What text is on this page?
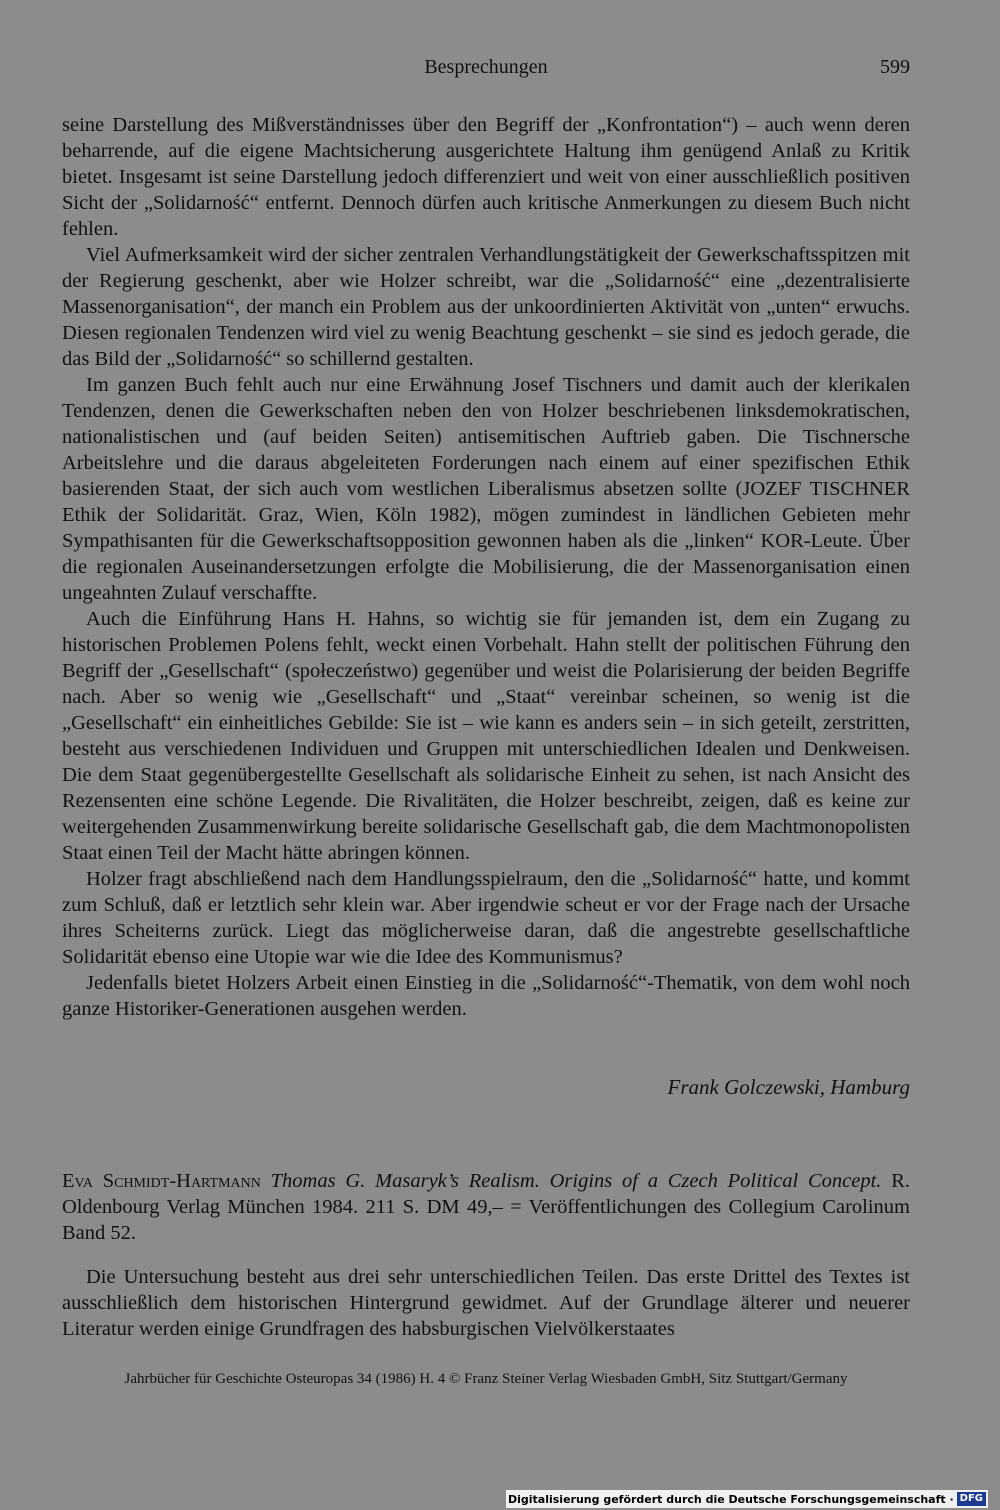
Besprechungen	599

seine Darstellung des Mißverständnisses über den Begriff der „Konfrontation“) – auch wenn deren beharrende, auf die eigene Machtsicherung ausgerichtete Haltung ihm genügend Anlaß zu Kritik bietet. Insgesamt ist seine Darstellung jedoch differenziert und weit von einer ausschließlich positiven Sicht der „Solidarność“ entfernt. Dennoch dürfen auch kritische Anmerkungen zu diesem Buch nicht fehlen.

Viel Aufmerksamkeit wird der sicher zentralen Verhandlungstätigkeit der Gewerkschaftsspitzen mit der Regierung geschenkt, aber wie Holzer schreibt, war die „Solidarność“ eine „dezentralisierte Massenorganisation“, der manch ein Problem aus der unkoordinierten Aktivität von „unten“ erwuchs. Diesen regionalen Tendenzen wird viel zu wenig Beachtung geschenkt – sie sind es jedoch gerade, die das Bild der „Solidarność“ so schillernd gestalten.

Im ganzen Buch fehlt auch nur eine Erwähnung Josef Tischners und damit auch der klerikalen Tendenzen, denen die Gewerkschaften neben den von Holzer beschriebenen linksdemokratischen, nationalistischen und (auf beiden Seiten) antisemitischen Auftrieb gaben. Die Tischnersche Arbeitslehre und die daraus abgeleiteten Forderungen nach einem auf einer spezifischen Ethik basierenden Staat, der sich auch vom westlichen Liberalismus absetzen sollte (JOZEF TISCHNER Ethik der Solidarität. Graz, Wien, Köln 1982), mögen zumindest in ländlichen Gebieten mehr Sympathisanten für die Gewerkschaftsopposition gewonnen haben als die „linken“ KOR-Leute. Über die regionalen Auseinandersetzungen erfolgte die Mobilisierung, die der Massenorganisation einen ungeahnten Zulauf verschaffte.

Auch die Einführung Hans H. Hahns, so wichtig sie für jemanden ist, dem ein Zugang zu historischen Problemen Polens fehlt, weckt einen Vorbehalt. Hahn stellt der politischen Führung den Begriff der „Gesellschaft“ (społeczeństwo) gegenüber und weist die Polarisierung der beiden Begriffe nach. Aber so wenig wie „Gesellschaft“ und „Staat“ vereinbar scheinen, so wenig ist die „Gesellschaft“ ein einheitliches Gebilde: Sie ist – wie kann es anders sein – in sich geteilt, zerstritten, besteht aus verschiedenen Individuen und Gruppen mit unterschiedlichen Idealen und Denkweisen. Die dem Staat gegenübergestellte Gesellschaft als solidarische Einheit zu sehen, ist nach Ansicht des Rezensenten eine schöne Legende. Die Rivalitäten, die Holzer beschreibt, zeigen, daß es keine zur weitergehenden Zusammenwirkung bereite solidarische Gesellschaft gab, die dem Machtmonopolisten Staat einen Teil der Macht hätte abringen können.

Holzer fragt abschließend nach dem Handlungsspielraum, den die „Solidarność“ hatte, und kommt zum Schluß, daß er letztlich sehr klein war. Aber irgendwie scheut er vor der Frage nach der Ursache ihres Scheiterns zurück. Liegt das möglicherweise daran, daß die angestrebte gesellschaftliche Solidarität ebenso eine Utopie war wie die Idee des Kommunismus?

Jedenfalls bietet Holzers Arbeit einen Einstieg in die „Solidarność“-Thematik, von dem wohl noch ganze Historiker-Generationen ausgehen werden.

Frank Golczewski, Hamburg
Eva Schmidt-Hartmann Thomas G. Masaryk’s Realism. Origins of a Czech Political Concept. R. Oldenbourg Verlag München 1984. 211 S. DM 49,– = Veröffentlichungen des Collegium Carolinum Band 52.

Die Untersuchung besteht aus drei sehr unterschiedlichen Teilen. Das erste Drittel des Textes ist ausschließlich dem historischen Hintergrund gewidmet. Auf der Grundlage älterer und neuerer Literatur werden einige Grundfragen des habsburgischen Vielvölkerstaates

Jahrbücher für Geschichte Osteuropas 34 (1986) H. 4 © Franz Steiner Verlag Wiesbaden GmbH, Sitz Stuttgart/Germany
Digitalisierung gefördert durch die Deutsche Forschungsgemeinschaft · DFG
